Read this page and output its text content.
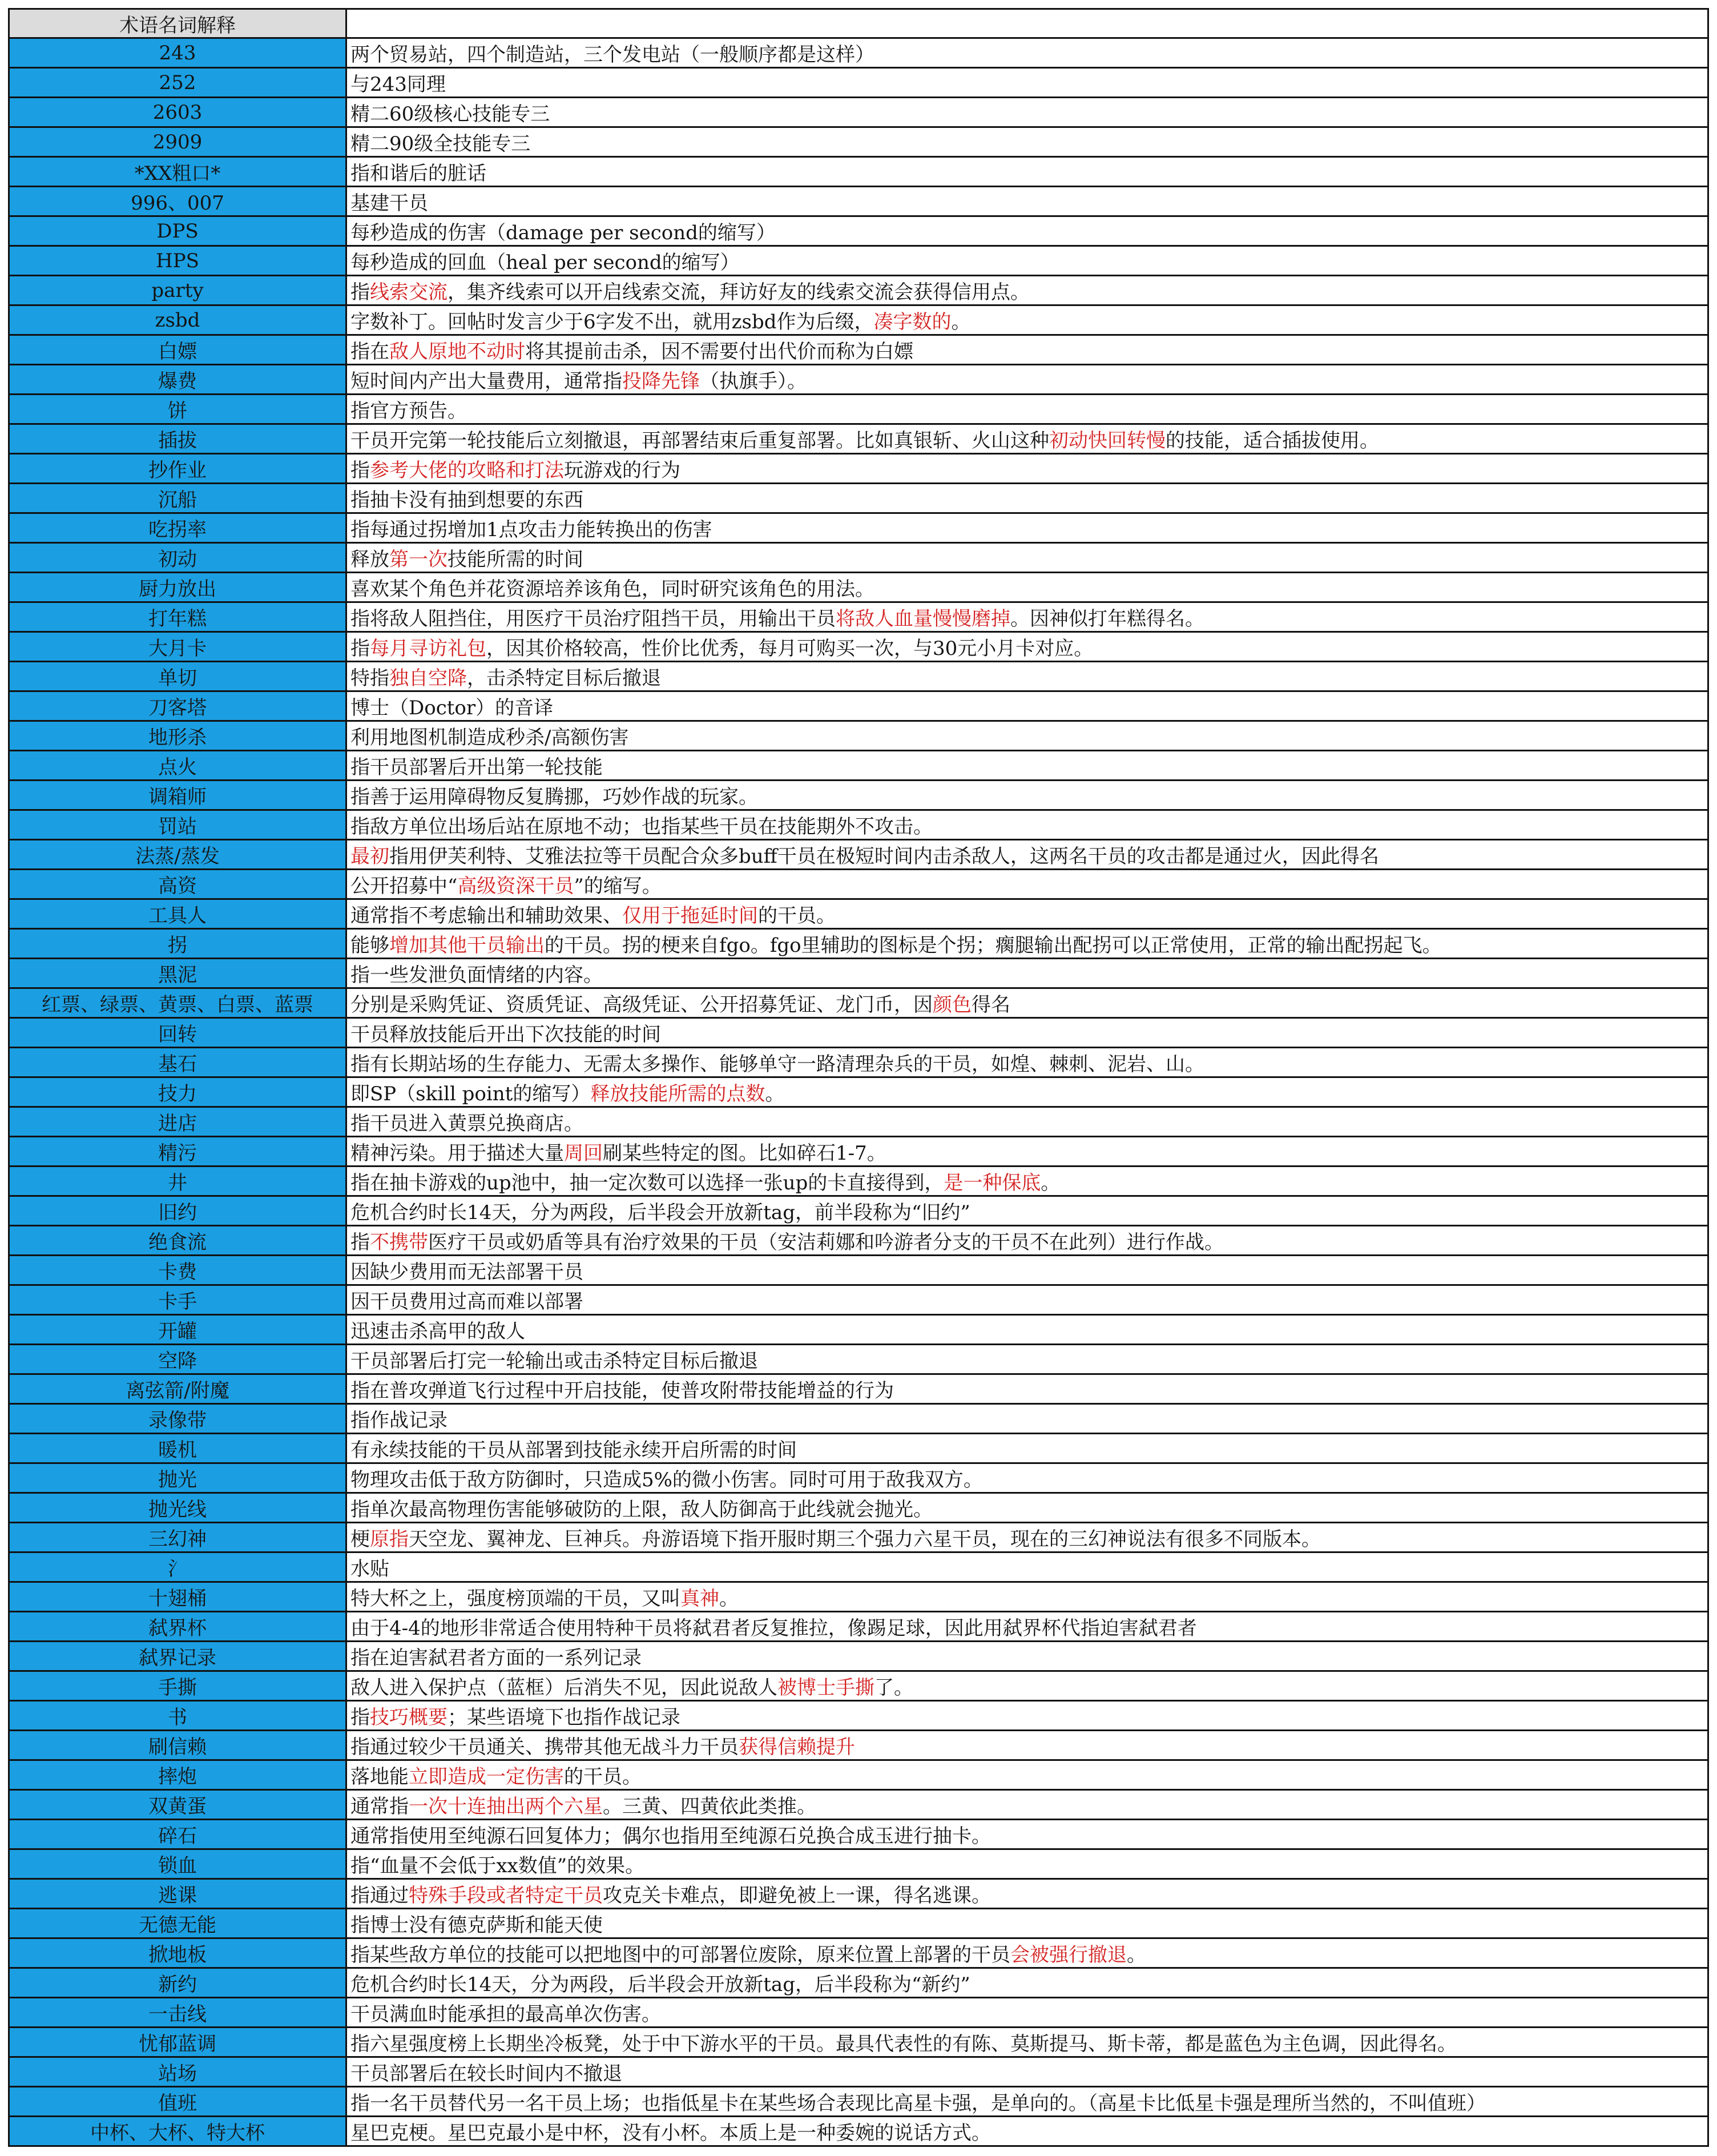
术语名词解释
243	两个贸易站，四个制造站，三个发电站（一般顺序都是这样）
252	与243同理
2603	精二60级核心技能专三
2909	精二90级全技能专三
*XX粗口*	指和谐后的脏话
996、007	基建干员
DPS	每秒造成的伤害（damage per second的缩写）
HPS	每秒造成的回血（heal per second的缩写）
party	指 线索交流 ，集齐线索可以开启线索交流，拜访好友的线索交流会获得信用点。
zsbd	字数补丁。回帖时发言少于6字发不出，就用zsbd作为后缀， 凑字数的 。
白嫖	指在 敌人原地不动时 将其提前击杀，因不需要付出代价而称为白嫖
爆费	短时间内产出大量费用，通常指 投降先锋 （执旗手）。
饼	指官方预告。
插拔	干员开完第一轮技能后立刻撤退，再部署结束后重复部署。比如真银斩、火山这种 初动快回转慢 的技能，适合插拔使用。
抄作业	指 参考大佬的攻略和打法 玩游戏的行为
沉船	指抽卡没有抽到想要的东西
吃拐率	指每通过拐增加1点攻击力能转换出的伤害
初动	释放 第一次 技能所需的时间
厨力放出	喜欢某个角色并花资源培养该角色，同时研究该角色的用法。
打年糕	指将敌人阻挡住，用医疗干员治疗阻挡干员，用输出干员 将敌人血量慢慢磨掉 。因神似打年糕得名。
大月卡	指 每月寻访礼包 ，因其价格较高，性价比优秀，每月可购买一次，与30元小月卡对应。
单切	特指 独自空降 ，击杀特定目标后撤退
刀客塔	博士（Doctor）的音译
地形杀	利用地图机制造成秒杀/高额伤害
点火	指干员部署后开出第一轮技能
调箱师	指善于运用障碍物反复腾挪，巧妙作战的玩家。
罚站	指敌方单位出场后站在原地不动；也指某些干员在技能期外不攻击。
法蒸/蒸发	最初 指用伊芙利特、艾雅法拉等干员配合众多buff干员在极短时间内击杀敌人，这两名干员的攻击都是通过火，因此得名
高资	公开招募中“ 高级资深干员 ”的缩写。
工具人	通常指不考虑输出和辅助效果、 仅用于拖延时间 的干员。
拐	能够 增加其他干员输出 的干员。拐的梗来自fgo。fgo里辅助的图标是个拐；瘸腿输出配拐可以正常使用，正常的输出配拐起飞。
黑泥	指一些发泄负面情绪的内容。
红票、绿票、黄票、白票、蓝票	分别是采购凭证、资质凭证、高级凭证、公开招募凭证、龙门币，因 颜色 得名
回转	干员释放技能后开出下次技能的时间
基石	指有长期站场的生存能力、无需太多操作、能够单守一路清理杂兵的干员，如煌、棘刺、泥岩、山。
技力	即SP（skill point的缩写） 释放技能所需的点数 。
进店	指干员进入黄票兑换商店。
精污	精神污染。用于描述大量 周回 刷某些特定的图。比如碎石1-7。
井	指在抽卡游戏的up池中，抽一定次数可以选择一张up的卡直接得到， 是一种保底 。
旧约	危机合约时长14天，分为两段，后半段会开放新tag，前半段称为“旧约”
绝食流	指 不携带 医疗干员或奶盾等具有治疗效果的干员（安洁莉娜和吟游者分支的干员不在此列）进行作战。
卡费	因缺少费用而无法部署干员
卡手	因干员费用过高而难以部署
开罐	迅速击杀高甲的敌人
空降	干员部署后打完一轮输出或击杀特定目标后撤退
离弦箭/附魔	指在普攻弹道飞行过程中开启技能，使普攻附带技能增益的行为
录像带	指作战记录
暖机	有永续技能的干员从部署到技能永续开启所需的时间
抛光	物理攻击低于敌方防御时，只造成5%的微小伤害。同时可用于敌我双方。
抛光线	指单次最高物理伤害能够破防的上限，敌人防御高于此线就会抛光。
三幻神	梗 原指 天空龙、翼神龙、巨神兵。舟游语境下指开服时期三个强力六星干员，现在的三幻神说法有很多不同版本。
氵	水贴
十翅桶	特大杯之上，强度榜顶端的干员，又叫 真神 。
弑界杯	由于4-4的地形非常适合使用特种干员将弑君者反复推拉，像踢足球，因此用弑界杯代指迫害弑君者
弑界记录	指在迫害弑君者方面的一系列记录
手撕	敌人进入保护点（蓝框）后消失不见，因此说敌人 被博士手撕 了。
书	指 技巧概要 ；某些语境下也指作战记录
刷信赖	指通过较少干员通关、携带其他无战斗力干员 获得信赖提升
摔炮	落地能 立即造成一定伤害 的干员。
双黄蛋	通常指 一次十连抽出两个六星 。三黄、四黄依此类推。
碎石	通常指使用至纯源石回复体力；偶尔也指用至纯源石兑换合成玉进行抽卡。
锁血	指“血量不会低于xx数值”的效果。
逃课	指通过 特殊手段或者特定干员 攻克关卡难点，即避免被上一课，得名逃课。
无德无能	指博士没有德克萨斯和能天使
掀地板	指某些敌方单位的技能可以把地图中的可部署位废除，原来位置上部署的干员 会被强行撤退 。
新约	危机合约时长14天，分为两段，后半段会开放新tag，后半段称为“新约”
一击线	干员满血时能承担的最高单次伤害。
忧郁蓝调	指六星强度榜上长期坐冷板凳，处于中下游水平的干员。最具代表性的有陈、莫斯提马、斯卡蒂，都是蓝色为主色调，因此得名。
站场	干员部署后在较长时间内不撤退
值班	指一名干员替代另一名干员上场；也指低星卡在某些场合表现比高星卡强，是单向的。（高星卡比低星卡强是理所当然的，不叫值班）
中杯、大杯、特大杯	星巴克梗。星巴克最小是中杯，没有小杯。本质上是一种委婉的说话方式。
